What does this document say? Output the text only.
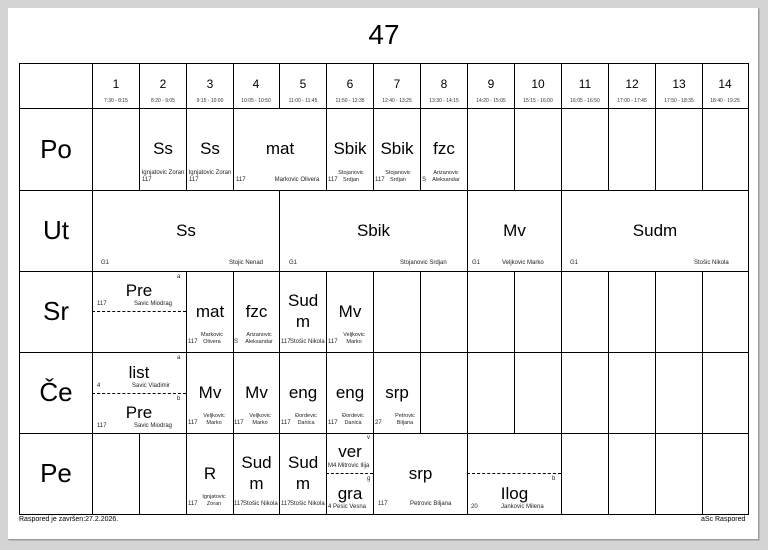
47
1
7:30 - 8:15
2
8:20 - 9:05
3
9:15 - 10:00
4
10:05 - 10:50
5
11:00 - 11:45
6
11:50 - 12:35
7
12:40 - 13:25
8
13:30 - 14:15
9
14:20 - 15:05
10
15:15 - 16:00
11
16:05 - 16:50
12
17:00 - 17:45
13
17:50 - 18:35
14
18:40 - 19:25
Po
Ut
Sr
Če
Pe
Ss
Ignjatovic Zoran
117
Ss
Ignjatovic Zoran
117
mat
Markovic Olivera
117
Sbik
Stojanovic Srdjan
117
Sbik
Stojanovic Srdjan
117
fzc
Arizanovic Aleksandar
S
Ss
Stojic Nenad
G1
Sbik
Stojanovic Srdjan
G1
Mv
Veljkovic Marko
G1
Sudm
Stošic Nikola
G1
a
Pre
Savic Miodrag
117	mat
Markovic Olivera
117
fzc
Arizanovic Aleksandar
S
Sud m
Stošic Nikola
117
Mv
Veljkovic Marko
117
a
list
Savic Vladimir
4
b
Pre
Savic Miodrag
117
Mv
Veljkovic Marko
117
Mv
Veljkovic Marko
117
eng
Đordevic Danica
117
eng
Đordevic Danica
117
srp
Petrovic Biljana
27
R
Ignjatovic Zoran
117
Sud m
Stošic Nikola
117
Sud m
Stošic Nikola
117
v
ver
Mitrovic Ilija
M4
g
gra
Pesic Vesna
4
srp
Petrovic Biljana
117
b
Ilog
Jankovic Milena
20
Raspored je završen:27.2.2026.	aSc Raspored
